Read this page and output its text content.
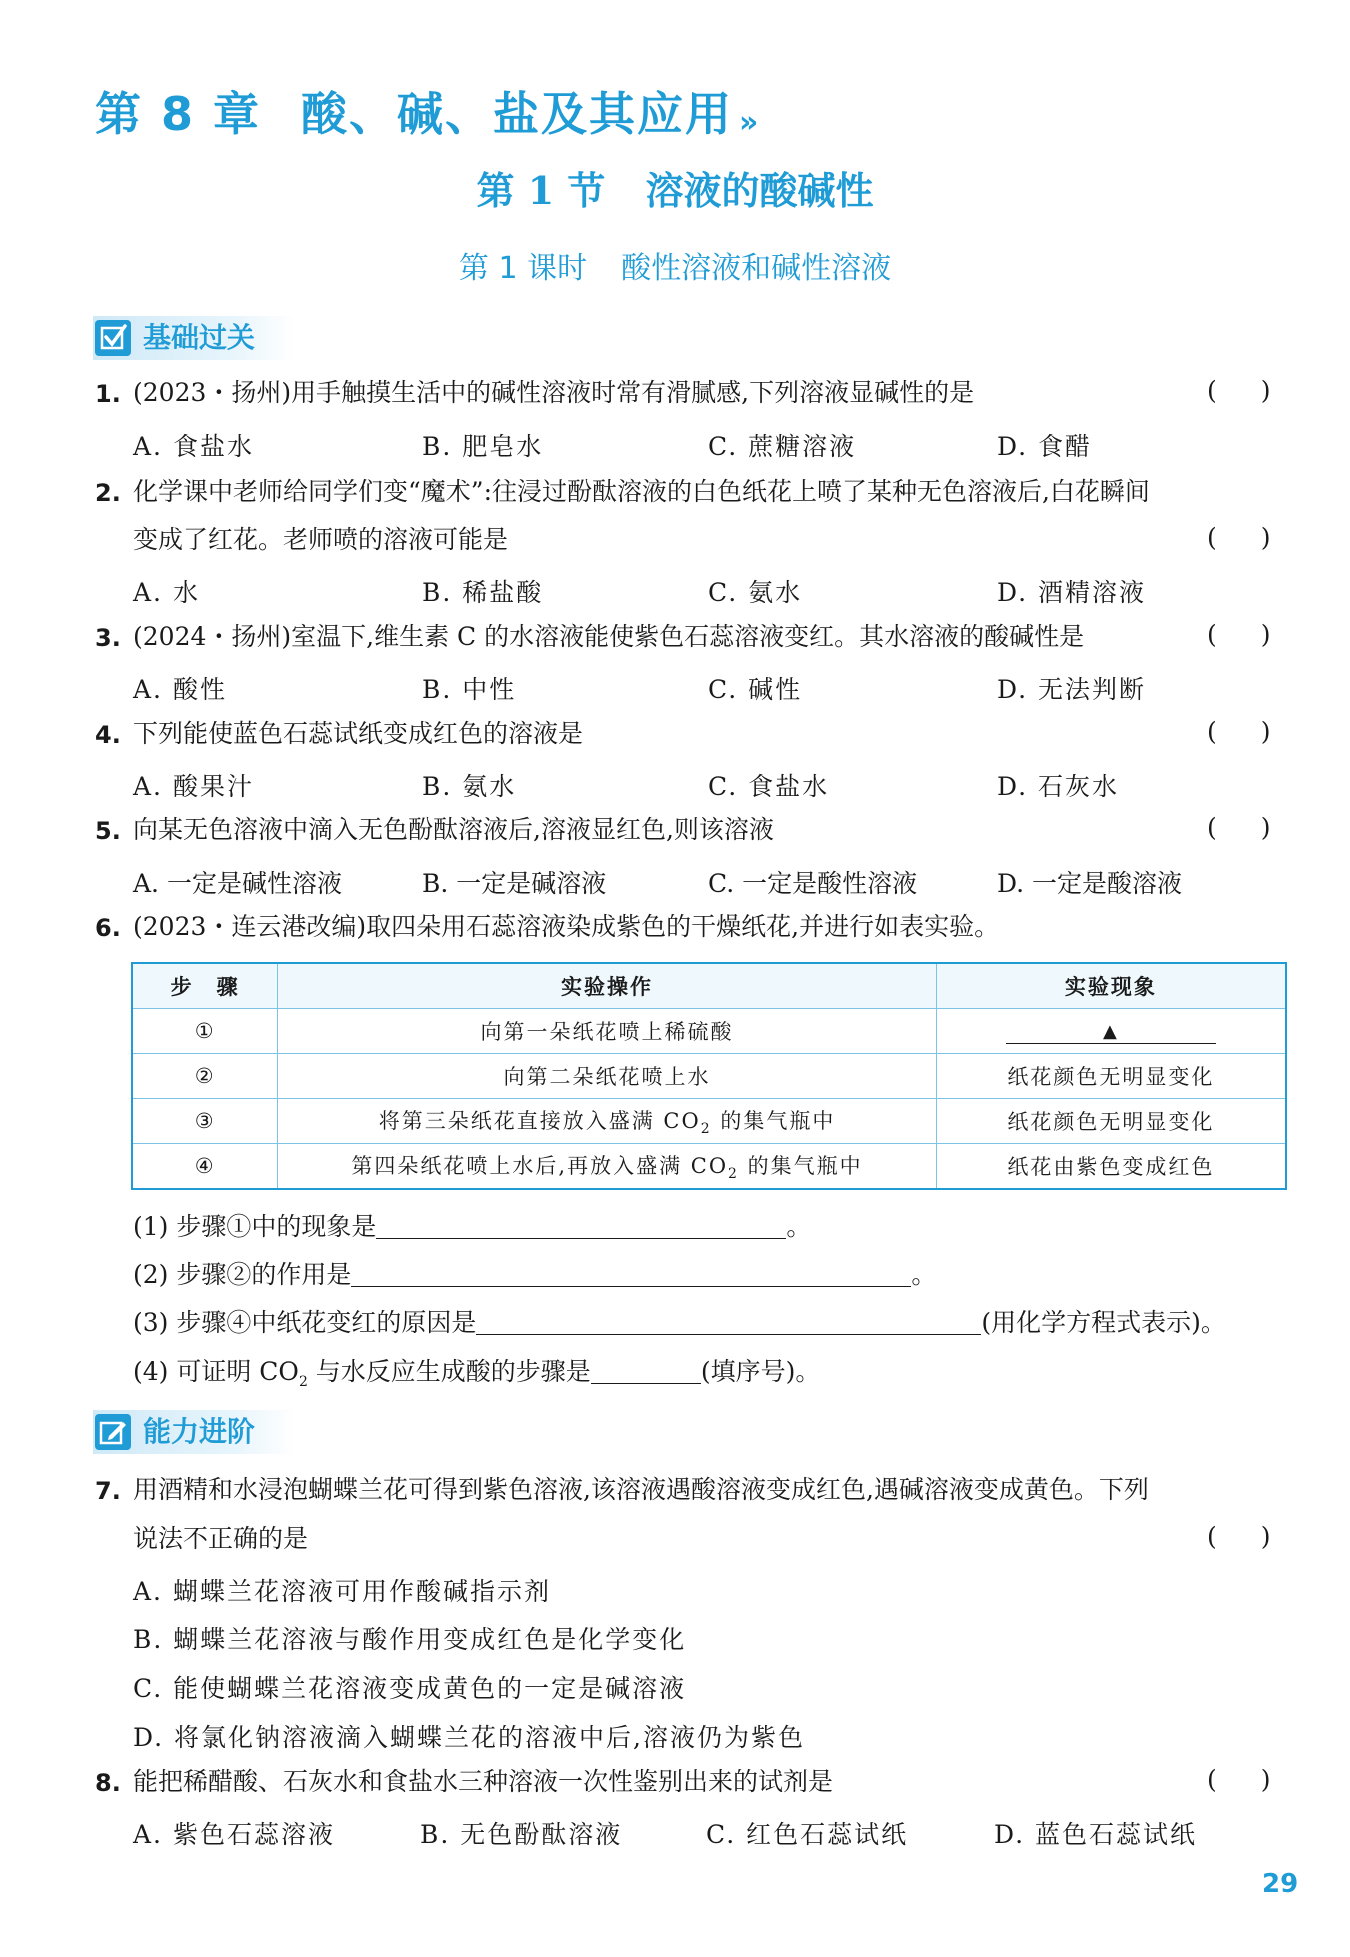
第 8 章 酸、碱、盐及其应用 »
第 1 节 溶液的酸碱性
第 1 课时 酸性溶液和碱性溶液
基础过关
1. (2023・扬州)用手触摸生活中的碱性溶液时常有滑腻感,下列溶液显碱性的是	( )
A. 食盐水	B. 肥皂水	C. 蔗糖溶液	D. 食醋
2. 化学课中老师给同学们变“魔术”:往浸过酚酞溶液的白色纸花上喷了某种无色溶液后,白花瞬间
变成了红花。老师喷的溶液可能是	( )
A. 水	B. 稀盐酸	C. 氨水	D. 酒精溶液
3. (2024・扬州)室温下,维生素 C 的水溶液能使紫色石蕊溶液变红。其水溶液的酸碱性是	( )
A. 酸性	B. 中性	C. 碱性	D. 无法判断
4. 下列能使蓝色石蕊试纸变成红色的溶液是	( )
A. 酸果汁	B. 氨水	C. 食盐水	D. 石灰水
5. 向某无色溶液中滴入无色酚酞溶液后,溶液显红色,则该溶液	( )
A. 一定是碱性溶液	B. 一定是碱溶液	C. 一定是酸性溶液	D. 一定是酸溶液
6. (2023・连云港改编)取四朵用石蕊溶液染成紫色的干燥纸花,并进行如表实验。
步　骤	实验操作	实验现象
①	向第一朵纸花喷上稀硫酸	▲
②	向第二朵纸花喷上水	纸花颜色无明显变化
③	将第三朵纸花直接放入盛满 $CO_2$ 的集气瓶中	纸花颜色无明显变化
④	第四朵纸花喷上水后,再放入盛满 $CO_2$ 的集气瓶中	纸花由紫色变成红色
(1) 步骤①中的现象是	。
(2) 步骤②的作用是	。
(3) 步骤④中纸花变红的原因是	(用化学方程式表示)。
(4) 可证明 $CO_2$ 与水反应生成酸的步骤是	(填序号)。
能力进阶
7. 用酒精和水浸泡蝴蝶兰花可得到紫色溶液,该溶液遇酸溶液变成红色,遇碱溶液变成黄色。下列
说法不正确的是	( )
A. 蝴蝶兰花溶液可用作酸碱指示剂
B. 蝴蝶兰花溶液与酸作用变成红色是化学变化
C. 能使蝴蝶兰花溶液变成黄色的一定是碱溶液
D. 将氯化钠溶液滴入蝴蝶兰花的溶液中后,溶液仍为紫色
8. 能把稀醋酸、石灰水和食盐水三种溶液一次性鉴别出来的试剂是	( )
A. 紫色石蕊溶液	B. 无色酚酞溶液	C. 红色石蕊试纸	D. 蓝色石蕊试纸
29
